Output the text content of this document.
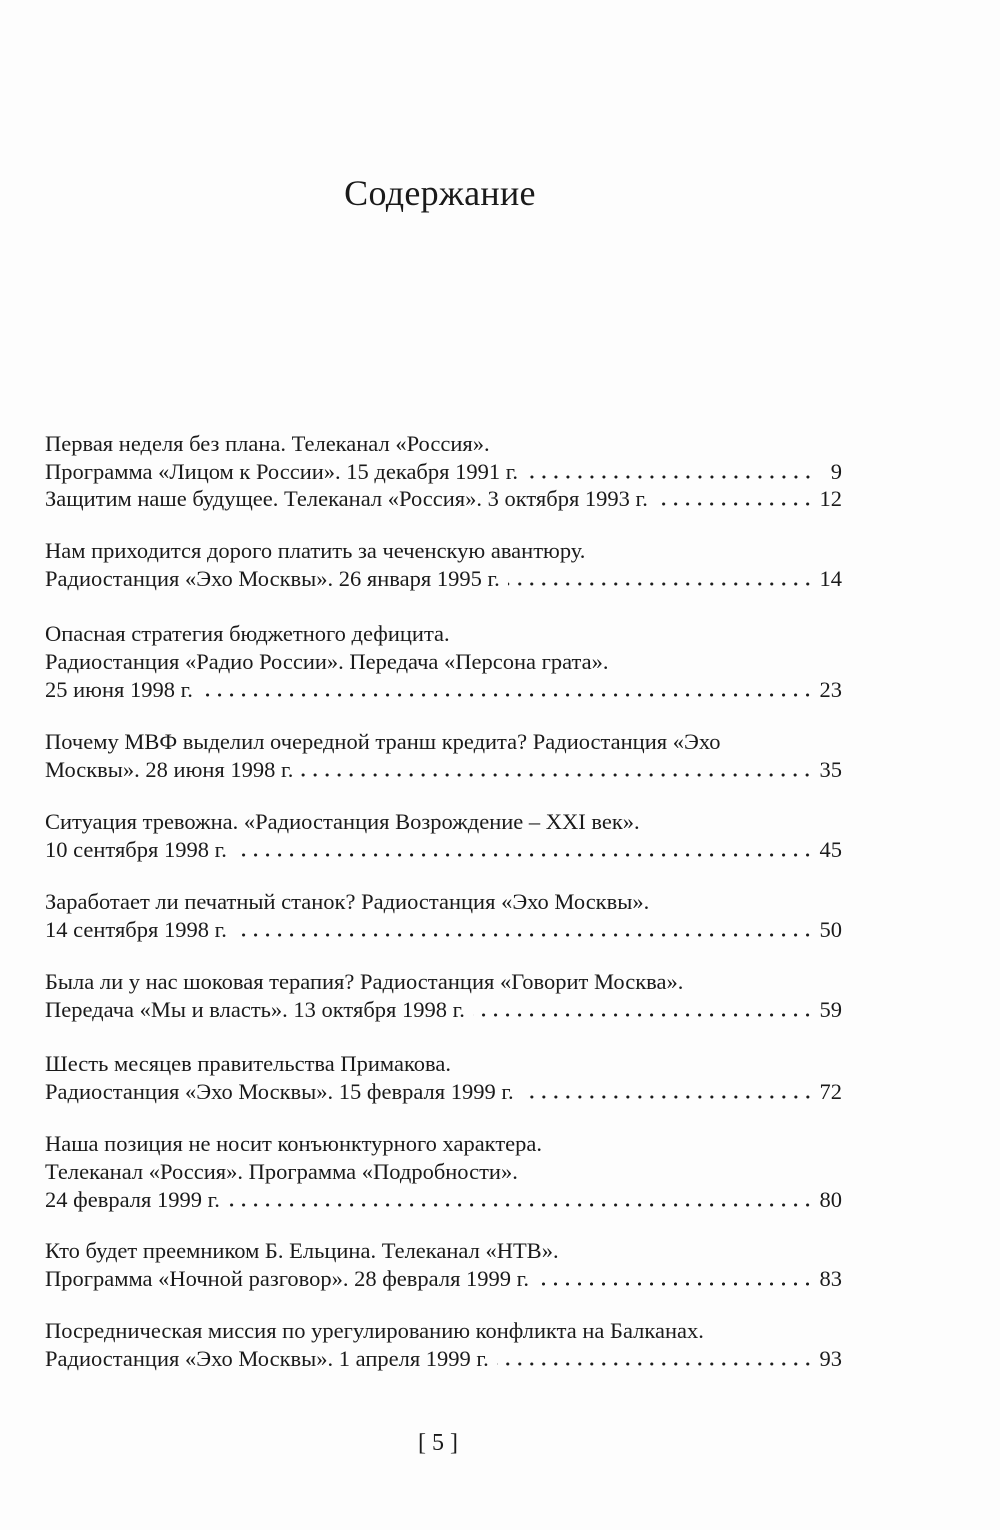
Содержание
Первая неделя без плана. Телеканал «Россия».
Программа «Лицом к России». 15 декабря 1991 г.	9
Защитим наше будущее. Телеканал «Россия». 3 октября 1993 г.	12
Нам приходится дорого платить за чеченскую авантюру.
Радиостанция «Эхо Москвы». 26 января 1995 г.	14
Опасная стратегия бюджетного дефицита.
Радиостанция «Радио России». Передача «Персона грата».
25 июня 1998 г.	23
Почему МВФ выделил очередной транш кредита? Радиостанция «Эхо
Москвы». 28 июня 1998 г.	35
Ситуация тревожна. «Радиостанция Возрождение – XXI век».
10 сентября 1998 г.	45
Заработает ли печатный станок? Радиостанция «Эхо Москвы».
14 сентября 1998 г.	50
Была ли у нас шоковая терапия? Радиостанция «Говорит Москва».
Передача «Мы и власть». 13 октября 1998 г.	59
Шесть месяцев правительства Примакова.
Радиостанция «Эхо Москвы». 15 февраля 1999 г.	72
Наша позиция не носит конъюнктурного характера.
Телеканал «Россия». Программа «Подробности».
24 февраля 1999 г.	80
Кто будет преемником Б. Ельцина. Телеканал «НТВ».
Программа «Ночной разговор». 28 февраля 1999 г.	83
Посредническая миссия по урегулированию конфликта на Балканах.
Радиостанция «Эхо Москвы». 1 апреля 1999 г.	93
[ 5 ]
